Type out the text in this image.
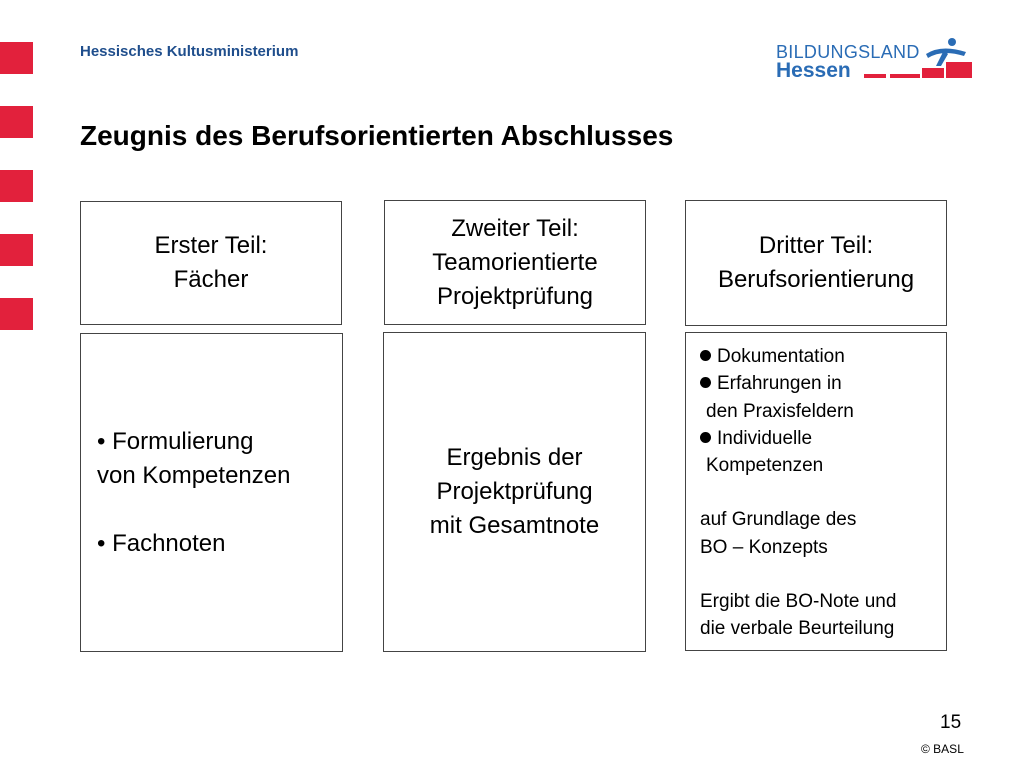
Hessisches Kultusministerium	BILDUNGSLAND
Hessen
Zeugnis des Berufsorientierten Abschlusses
Erster Teil:
Fächer
• Formulierung
von Kompetenzen
• Fachnoten
Zweiter Teil:
Teamorientierte
Projektprüfung
Ergebnis der
Projektprüfung
mit Gesamtnote
Dritter Teil:
Berufsorientierung
Dokumentation
Erfahrungen in
den Praxisfeldern
Individuelle
Kompetenzen
auf Grundlage des
BO – Konzepts
Ergibt die BO-Note und
die verbale Beurteilung
15
© BASL
